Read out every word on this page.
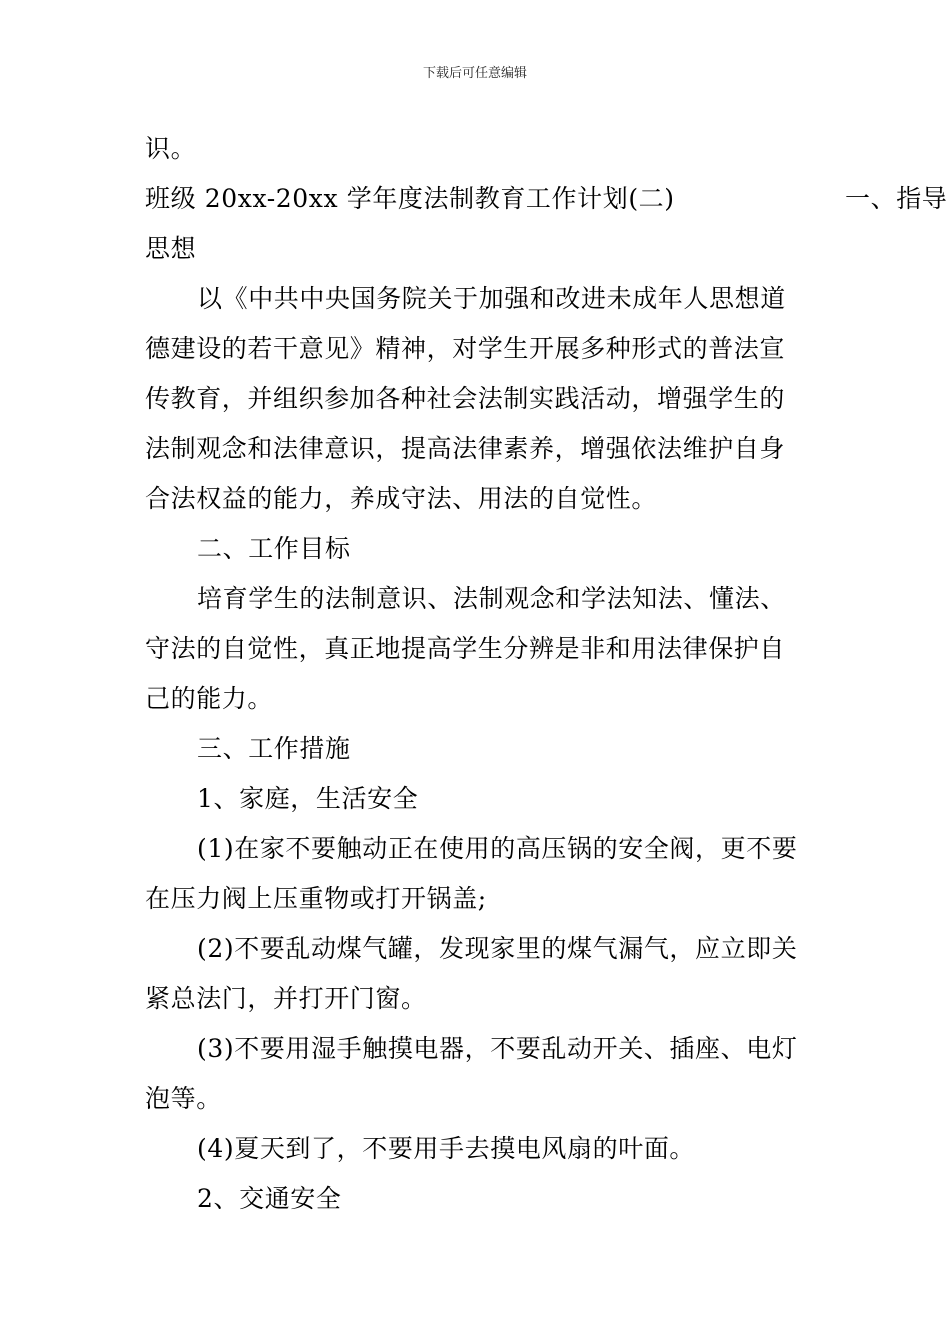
下载后可任意编辑
识。
班级 20xx-20xx 学年度法制教育工作计划(二)	一、指导
思想
以《中共中央国务院关于加强和改进未成年人思想道
德建设的若干意见》精神，对学生开展多种形式的普法宣
传教育，并组织参加各种社会法制实践活动，增强学生的
法制观念和法律意识，提高法律素养，增强依法维护自身
合法权益的能力，养成守法、用法的自觉性。
二、工作目标
培育学生的法制意识、法制观念和学法知法、懂法、
守法的自觉性，真正地提高学生分辨是非和用法律保护自
己的能力。
三、工作措施
1、家庭，生活安全
(1)在家不要触动正在使用的高压锅的安全阀，更不要
在压力阀上压重物或打开锅盖;
(2)不要乱动煤气罐，发现家里的煤气漏气，应立即关
紧总法门，并打开门窗。
(3)不要用湿手触摸电器，不要乱动开关、插座、电灯
泡等。
(4)夏天到了，不要用手去摸电风扇的叶面。
2、交通安全
